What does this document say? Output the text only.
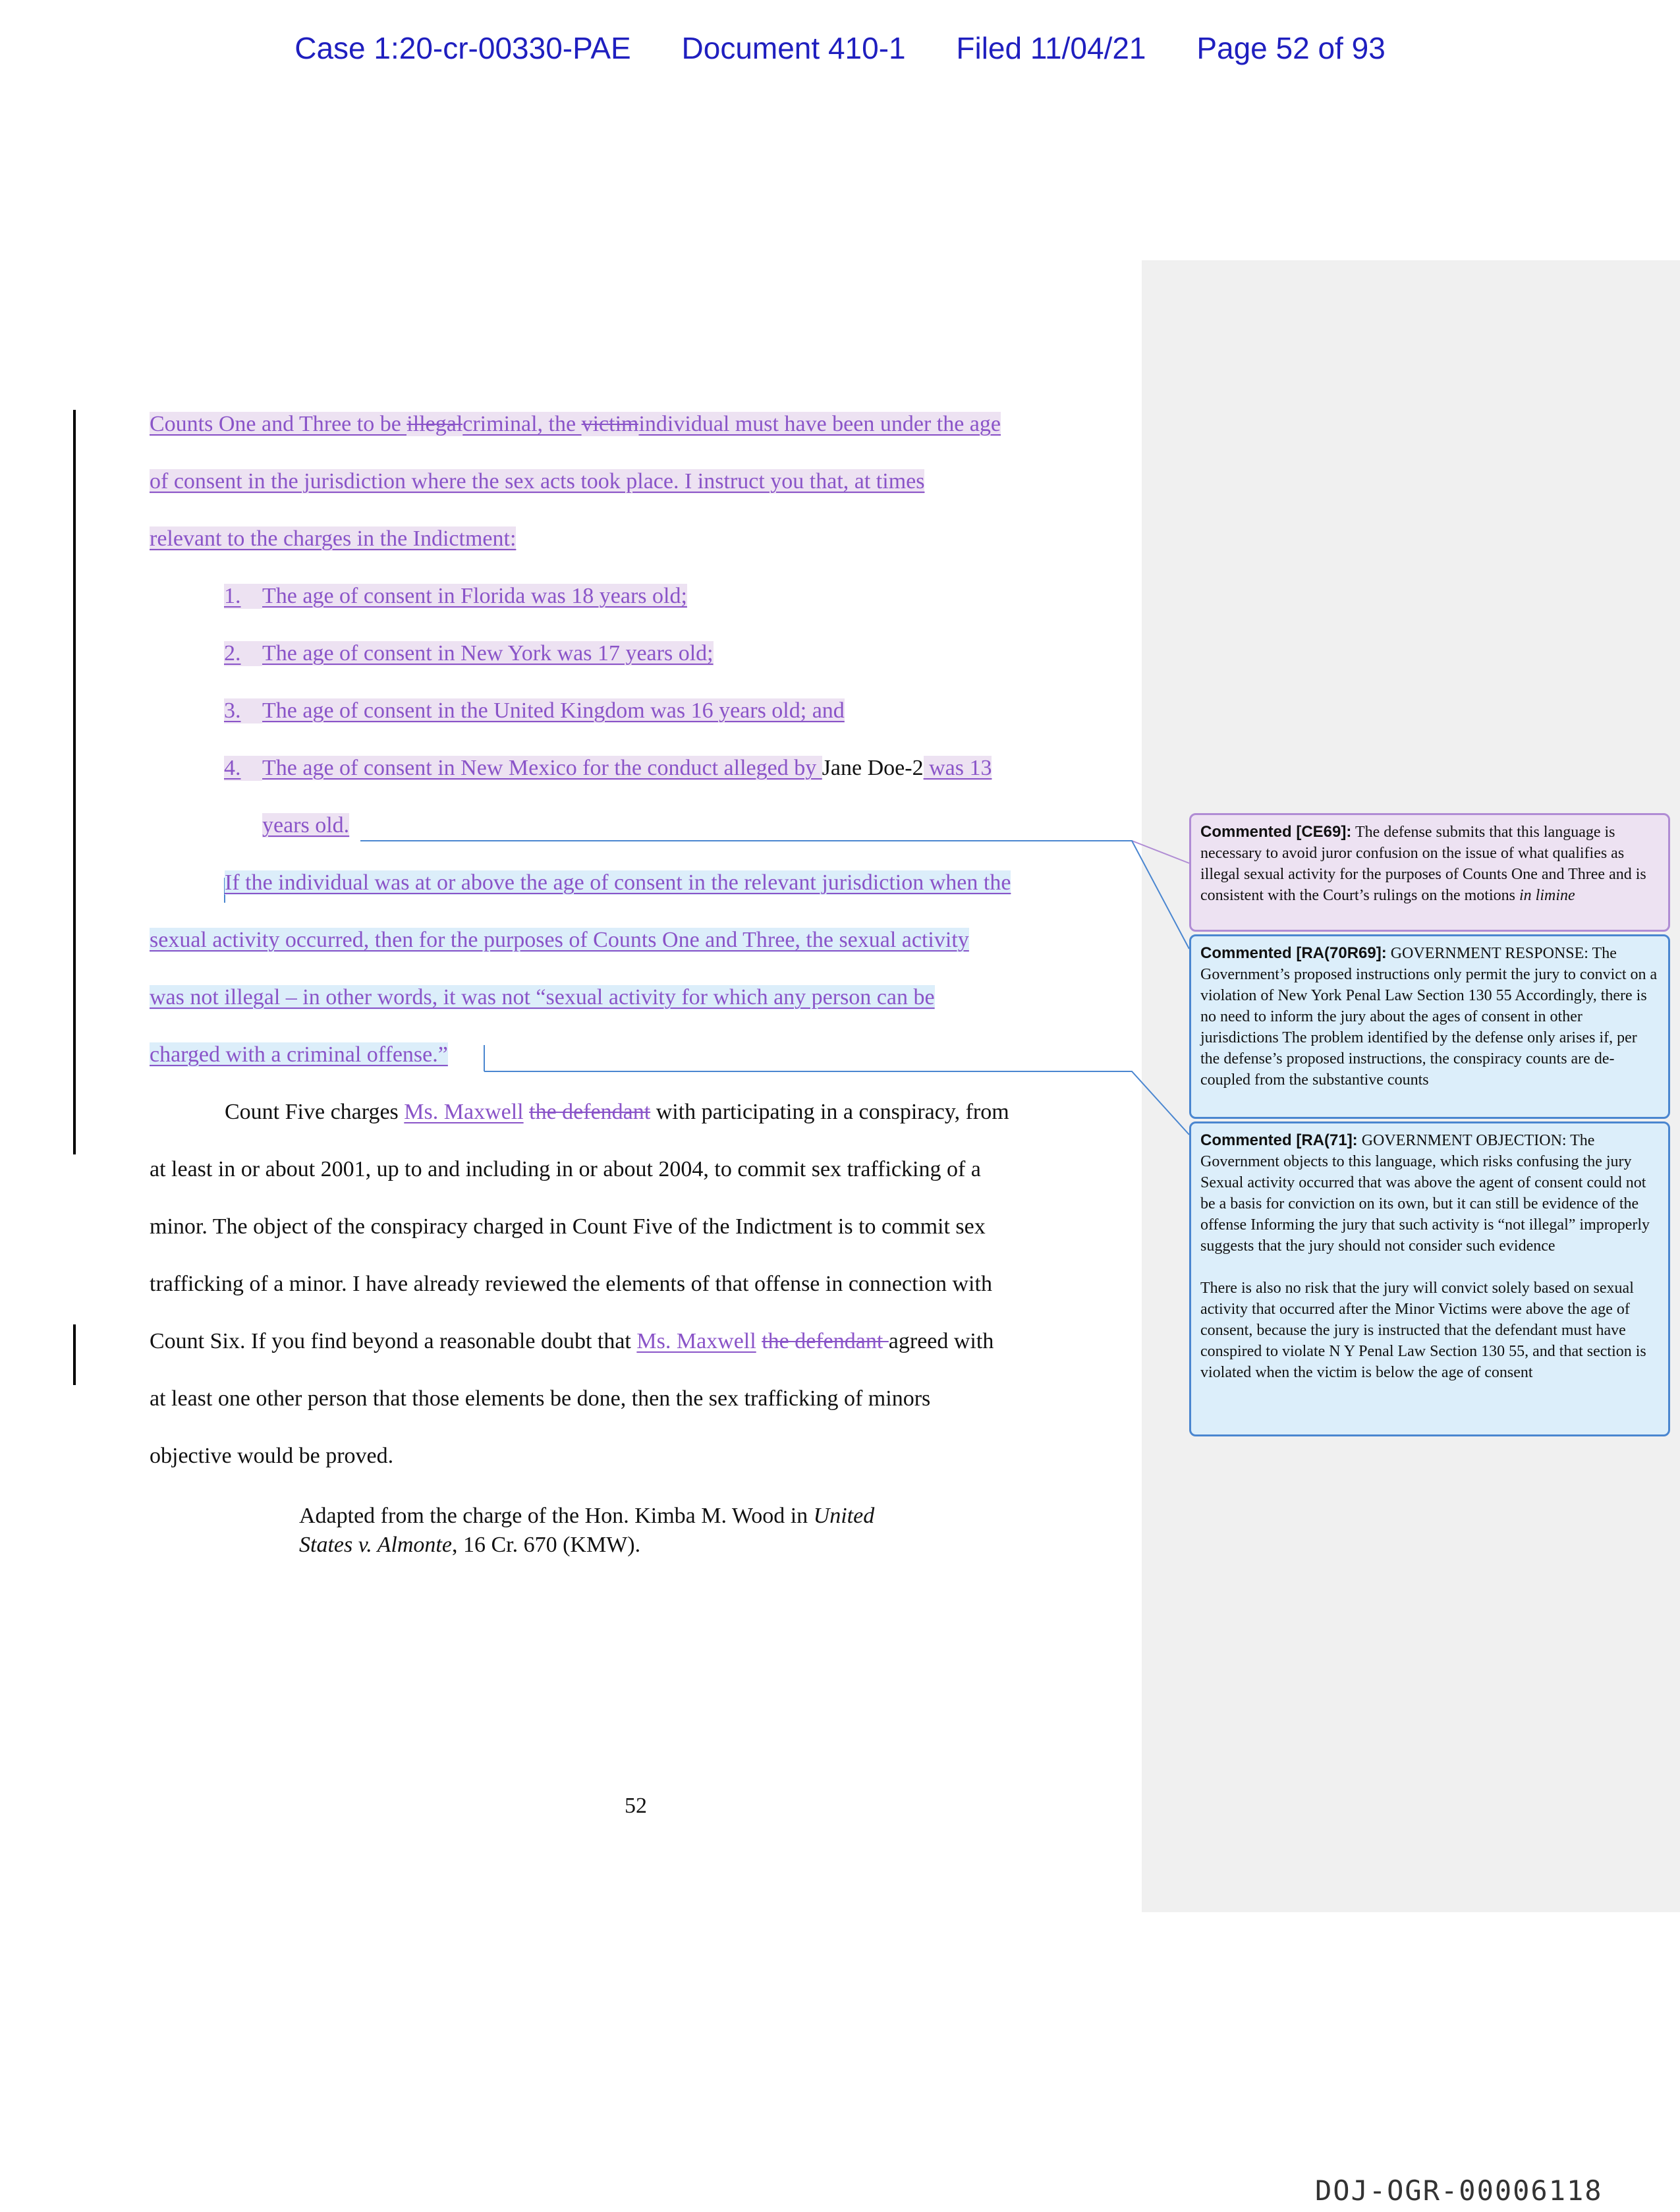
Case 1:20-cr-00330-PAE Document 410-1 Filed 11/04/21 Page 52 of 93
Counts One and Three to be illegalcriminal, the victimindividual must have been under the age
of consent in the jurisdiction where the sex acts took place. I instruct you that, at times
relevant to the charges in the Indictment:
1. The age of consent in Florida was 18 years old;
2. The age of consent in New York was 17 years old;
3. The age of consent in the United Kingdom was 16 years old; and
4. The age of consent in New Mexico for the conduct alleged by Jane Doe-2 was 13
years old.
If the individual was at or above the age of consent in the relevant jurisdiction when the
sexual activity occurred, then for the purposes of Counts One and Three, the sexual activity
was not illegal – in other words, it was not “sexual activity for which any person can be
charged with a criminal offense.”
Count Five charges Ms. Maxwell the defendant with participating in a conspiracy, from
at least in or about 2001, up to and including in or about 2004, to commit sex trafficking of a
minor. The object of the conspiracy charged in Count Five of the Indictment is to commit sex
trafficking of a minor. I have already reviewed the elements of that offense in connection with
Count Six. If you find beyond a reasonable doubt that Ms. Maxwell the defendant agreed with
at least one other person that those elements be done, then the sex trafficking of minors
objective would be proved.
Adapted from the charge of the Hon. Kimba M. Wood in United
States v. Almonte, 16 Cr. 670 (KMW).
Commented [CE69]: The defense submits that this language is necessary to avoid juror confusion on the issue of what qualifies as illegal sexual activity for the purposes of Counts One and Three and is consistent with the Court’s rulings on the motions in limine
Commented [RA(70R69]: GOVERNMENT RESPONSE: The Government’s proposed instructions only permit the jury to convict on a violation of New York Penal Law Section 130 55 Accordingly, there is no need to inform the jury about the ages of consent in other jurisdictions The problem identified by the defense only arises if, per the defense’s proposed instructions, the conspiracy counts are de-coupled from the substantive counts
Commented [RA(71]: GOVERNMENT OBJECTION: The Government objects to this language, which risks confusing the jury Sexual activity occurred that was above the agent of consent could not be a basis for conviction on its own, but it can still be evidence of the offense Informing the jury that such activity is “not illegal” improperly suggests that the jury should not consider such evidence
There is also no risk that the jury will convict solely based on sexual activity that occurred after the Minor Victims were above the age of consent, because the jury is instructed that the defendant must have conspired to violate N Y Penal Law Section 130 55, and that section is violated when the victim is below the age of consent
52
DOJ-OGR-00006118
